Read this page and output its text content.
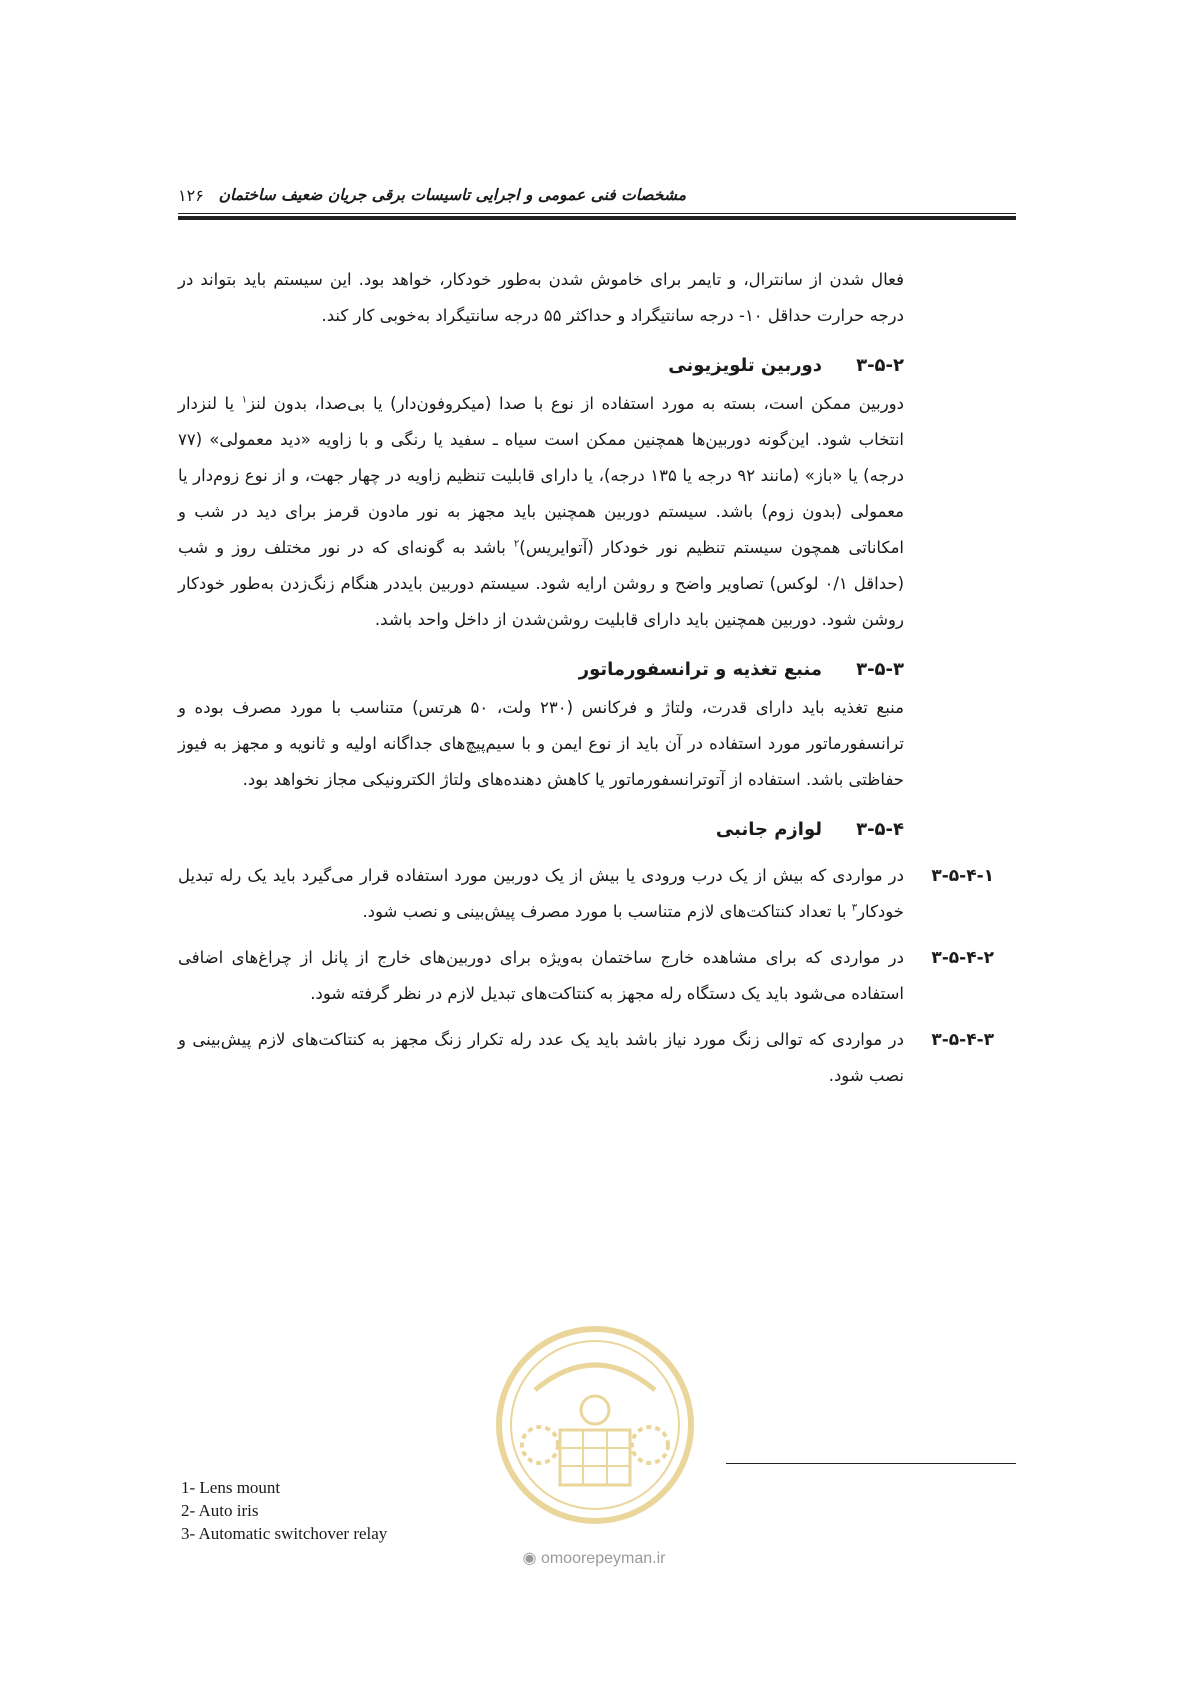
مشخصات فنی عمومی و اجرایی تاسیسات برقی جریان ضعیف ساختمان
۱۲۶

فعال شدن از سانترال، و تایمر برای خاموش شدن به‌طور خودکار، خواهد بود. این سیستم باید بتواند در درجه حرارت حداقل ۱۰- درجه سانتیگراد و حداکثر ۵۵ درجه سانتیگراد به‌خوبی کار کند.

۳-۵-۲
دوربین تلویزیونی

دوربین ممکن است، بسته به مورد استفاده از نوع با صدا (میکروفون‌دار) یا بی‌صدا، بدون لنز$^۱$ یا لنزدار انتخاب شود. این‌گونه دوربین‌ها همچنین ممکن است سیاه ـ سفید یا رنگی و با زاویه «دید معمولی» (۷۷ درجه) یا «باز» (مانند ۹۲ درجه یا ۱۳۵ درجه)، یا دارای قابلیت تنظیم زاویه در چهار جهت، و از نوع زوم‌دار یا معمولی (بدون زوم) باشد. سیستم دوربین همچنین باید مجهز به نور مادون قرمز برای دید در شب و امکاناتی همچون سیستم تنظیم نور خودکار (آتوایریس)$^۲$ باشد به گونه‌ای که در نور مختلف روز و شب (حداقل ۰/۱ لوکس) تصاویر واضح و روشن ارایه شود. سیستم دوربین بایددر هنگام زنگ‌زدن به‌طور خودکار روشن شود. دوربین همچنین باید دارای قابلیت روشن‌شدن از داخل واحد باشد.

۳-۵-۳
منبع تغذیه و ترانسفورماتور

منبع تغذیه باید دارای قدرت، ولتاژ و فرکانس (۲۳۰ ولت، ۵۰ هرتس) متناسب با مورد مصرف بوده و ترانسفورماتور مورد استفاده در آن باید از نوع ایمن و با سیم‌پیچ‌های جداگانه اولیه و ثانویه و مجهز به فیوز حفاظتی باشد. استفاده از آتوترانسفورماتور یا کاهش دهنده‌های ولتاژ الکترونیکی مجاز نخواهد بود.

۳-۵-۴
لوازم جانبی
۳-۵-۴-۱
در مواردی که بیش از یک درب ورودی یا بیش از یک دوربین مورد استفاده قرار می‌گیرد باید یک رله تبدیل خودکار$^۳$ با تعداد کنتاکت‌های لازم متناسب با مورد مصرف پیش‌بینی و نصب شود.
۳-۵-۴-۲
در مواردی که برای مشاهده خارج ساختمان به‌ویژه برای دوربین‌های خارج از پانل از چراغ‌های اضافی استفاده می‌شود باید یک دستگاه رله مجهز به کنتاکت‌های تبدیل لازم در نظر گرفته شود.
۳-۵-۴-۳
در مواردی که توالی زنگ مورد نیاز باشد باید یک عدد رله تکرار زنگ مجهز به کنتاکت‌های لازم پیش‌بینی و نصب شود.
◉ omoorepeyman.ir
1- Lens mount
2- Auto iris
3- Automatic switchover relay
